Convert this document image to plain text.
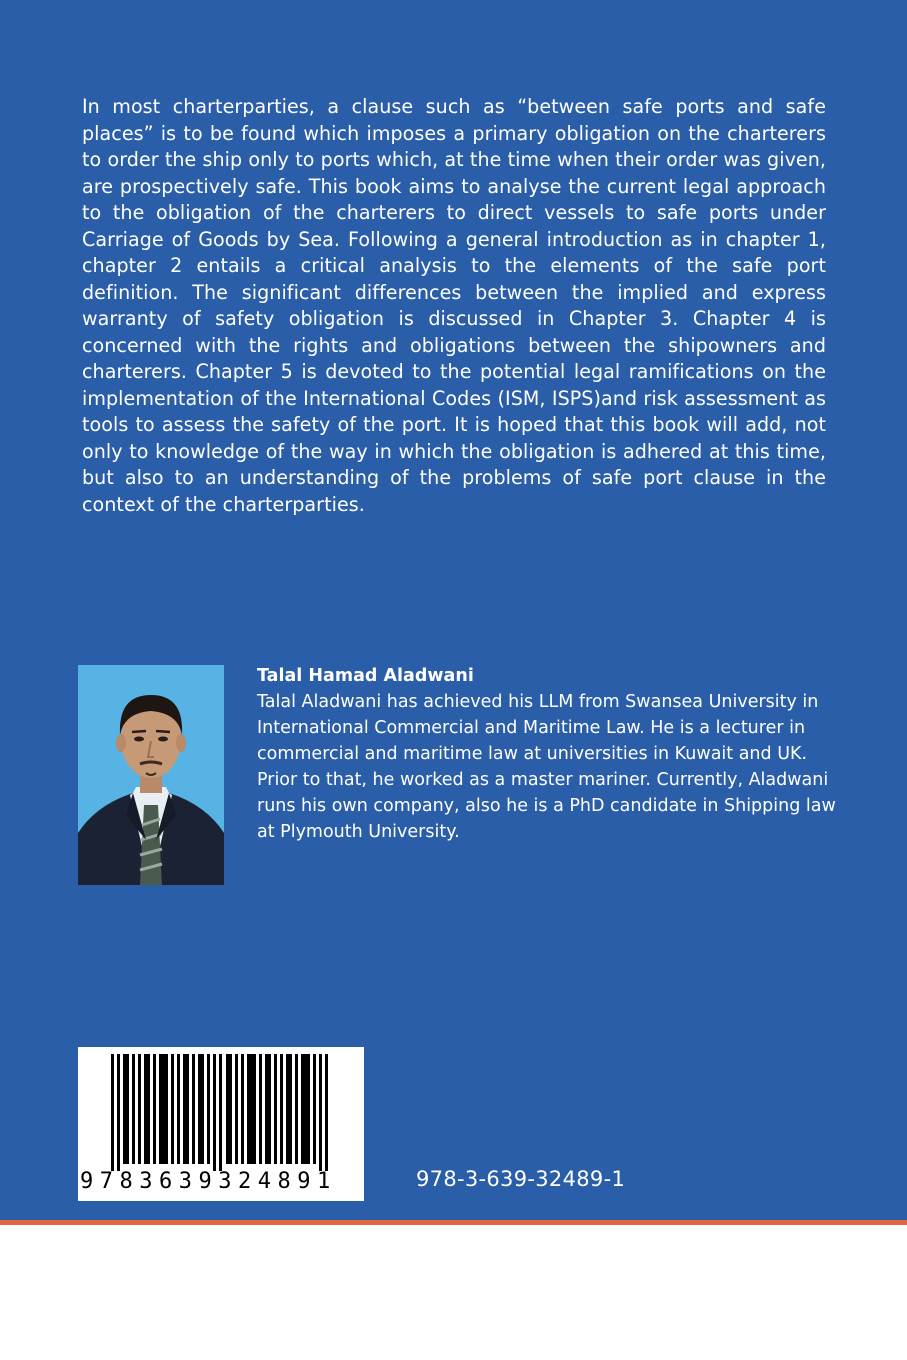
In most charterparties, a clause such as “between safe ports and safe places” is to be found which imposes a primary obligation on the charterers to order the ship only to ports which, at the time when their order was given, are prospectively safe. This book aims to analyse the current legal approach to the obligation of the charterers to direct vessels to safe ports under Carriage of Goods by Sea. Following a general introduction as in chapter 1, chapter 2 entails a critical analysis to the elements of the safe port definition. The significant differences between the implied and express warranty of safety obligation is discussed in Chapter 3. Chapter 4 is concerned with the rights and obligations between the shipowners and charterers. Chapter 5 is devoted to the potential legal ramifications on the implementation of the International Codes (ISM, ISPS)and risk assessment as tools to assess the safety of the port. It is hoped that this book will add, not only to knowledge of the way in which the obligation is adhered at this time, but also to an understanding of the problems of safe port clause in the context of the charterparties.

Talal Hamad Aladwani
Talal Aladwani has achieved his LLM from Swansea University in International Commercial and Maritime Law. He is a lecturer in commercial and maritime law at universities in Kuwait and UK. Prior to that, he worked as a master mariner. Currently, Aladwani runs his own company, also he is a PhD candidate in Shipping law at Plymouth University.
9783639324891	978-3-639-32489-1
